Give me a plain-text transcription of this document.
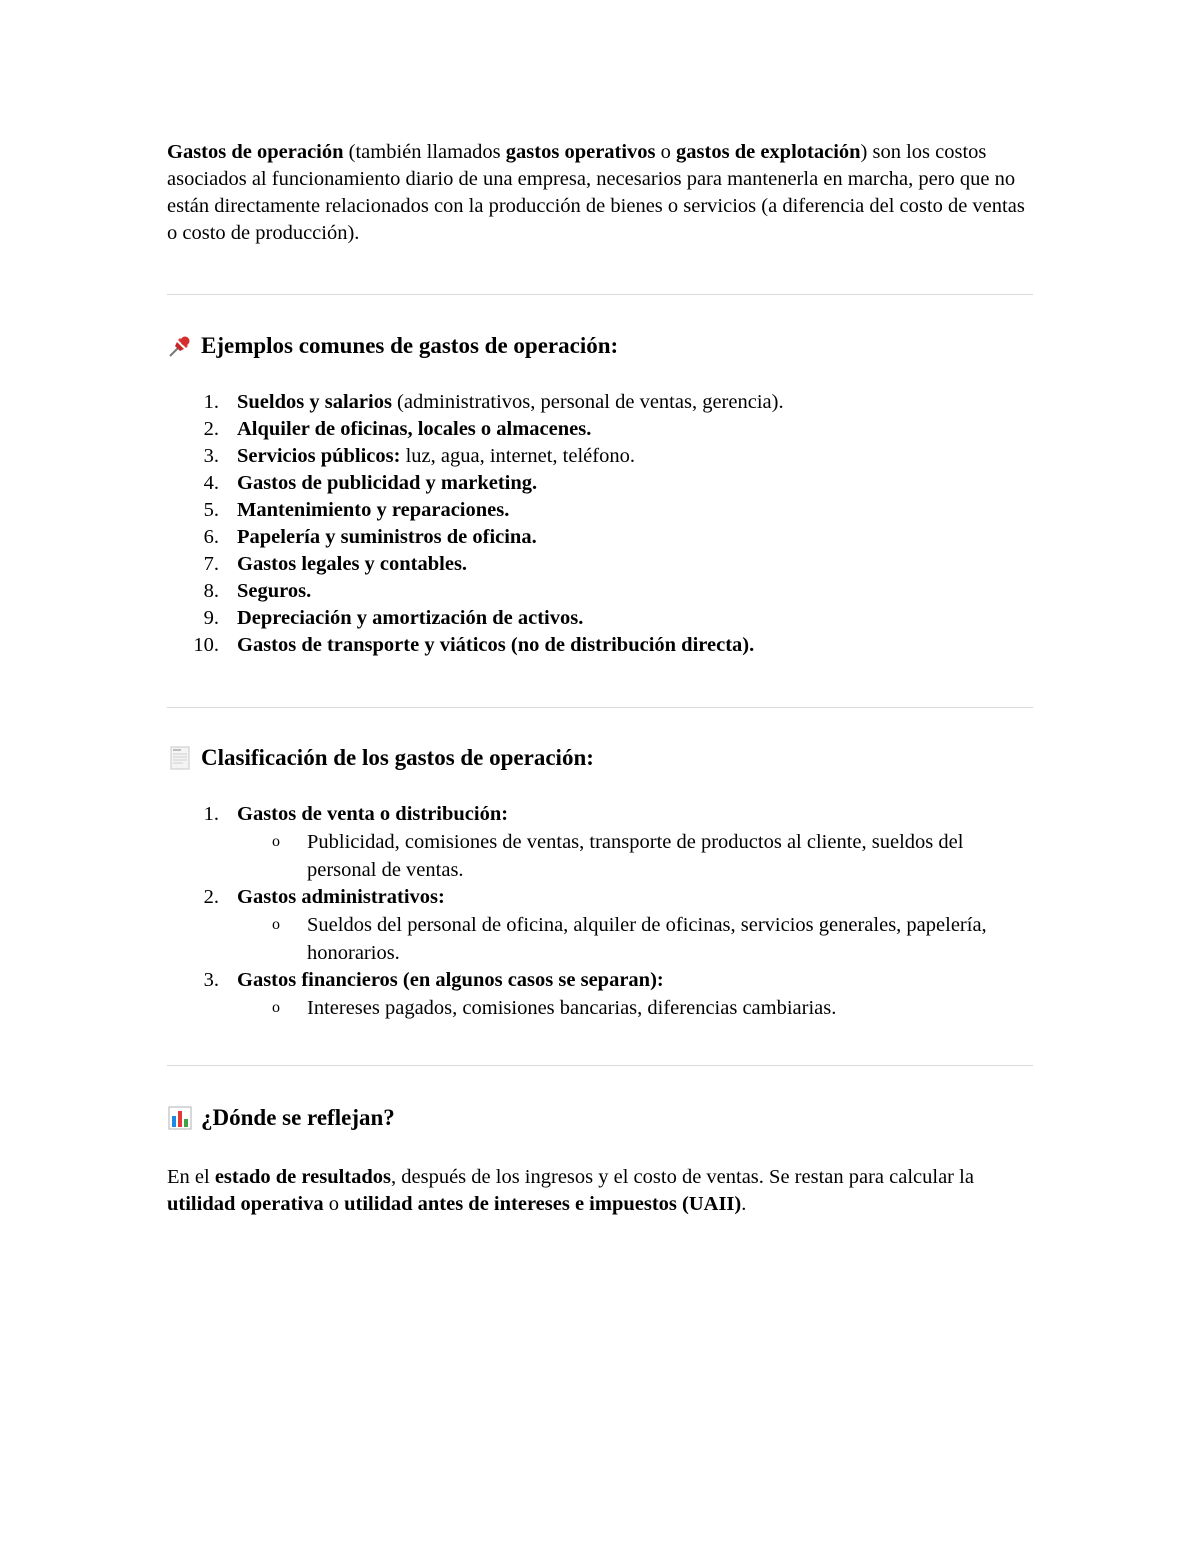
Gastos de operación (también llamados gastos operativos o gastos de explotación) son los costos asociados al funcionamiento diario de una empresa, necesarios para mantenerla en marcha, pero que no están directamente relacionados con la producción de bienes o servicios (a diferencia del costo de ventas o costo de producción).

Ejemplos comunes de gastos de operación:
1. Sueldos y salarios (administrativos, personal de ventas, gerencia).
2. Alquiler de oficinas, locales o almacenes.
3. Servicios públicos: luz, agua, internet, teléfono.
4. Gastos de publicidad y marketing.
5. Mantenimiento y reparaciones.
6. Papelería y suministros de oficina.
7. Gastos legales y contables.
8. Seguros.
9. Depreciación y amortización de activos.
10. Gastos de transporte y viáticos (no de distribución directa).
Clasificación de los gastos de operación:
1. Gastos de venta o distribución:
o Publicidad, comisiones de ventas, transporte de productos al cliente, sueldos del personal de ventas.
2. Gastos administrativos:
o Sueldos del personal de oficina, alquiler de oficinas, servicios generales, papelería, honorarios.
3. Gastos financieros (en algunos casos se separan):
o Intereses pagados, comisiones bancarias, diferencias cambiarias.
¿Dónde se reflejan?

En el estado de resultados, después de los ingresos y el costo de ventas. Se restan para calcular la utilidad operativa o utilidad antes de intereses e impuestos (UAII).
